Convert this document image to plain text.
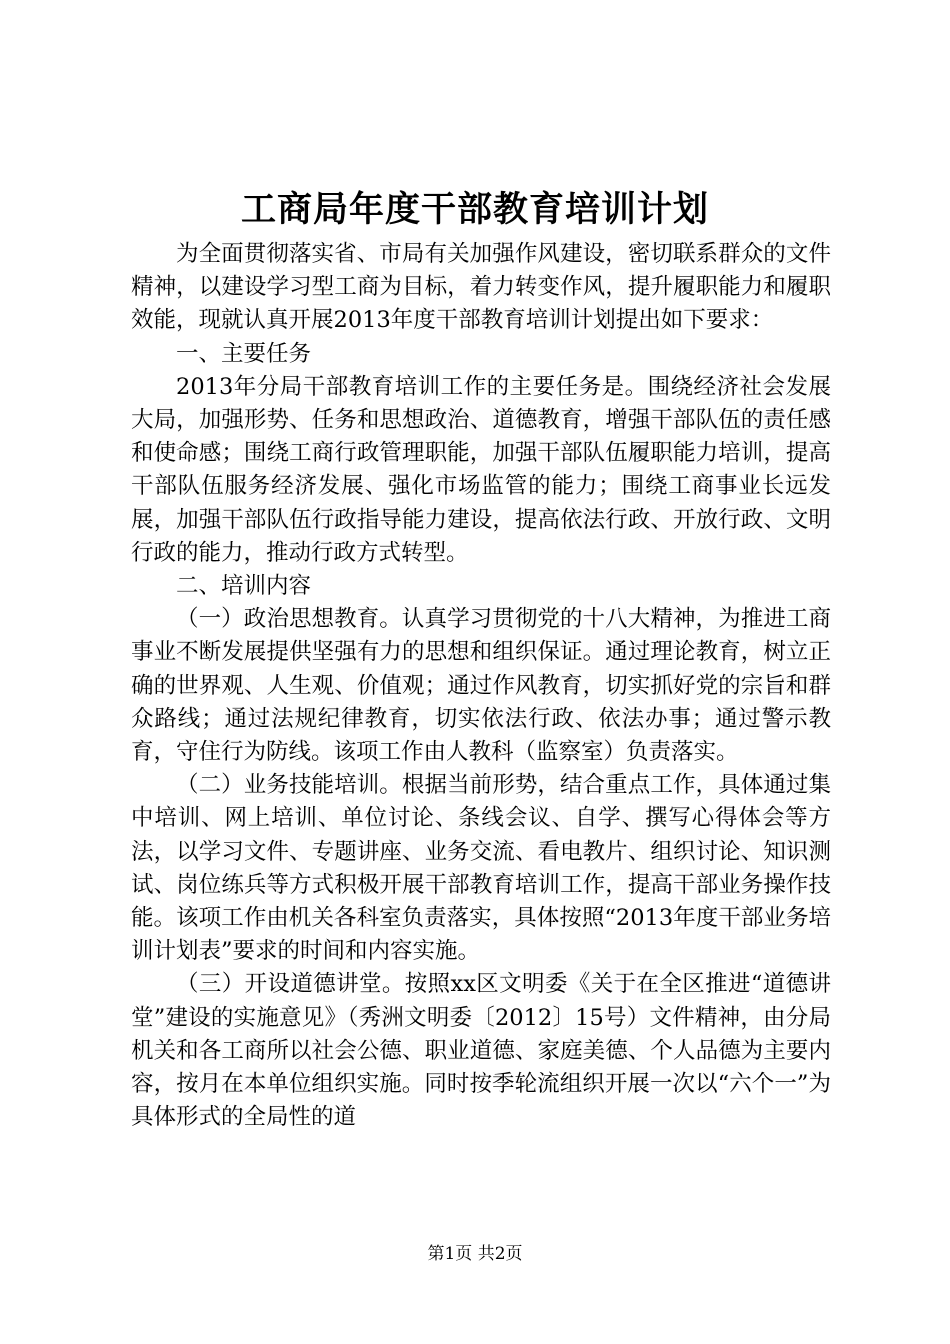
工商局年度干部教育培训计划

为全面贯彻落实省、市局有关加强作风建设，密切联系群众的文件精神，以建设学习型工商为目标，着力转变作风，提升履职能力和履职效能，现就认真开展2013年度干部教育培训计划提出如下要求：

一、主要任务

2013年分局干部教育培训工作的主要任务是。围绕经济社会发展大局，加强形势、任务和思想政治、道德教育，增强干部队伍的责任感和使命感；围绕工商行政管理职能，加强干部队伍履职能力培训，提高干部队伍服务经济发展、强化市场监管的能力；围绕工商事业长远发展，加强干部队伍行政指导能力建设，提高依法行政、开放行政、文明行政的能力，推动行政方式转型。

二、培训内容

（一）政治思想教育。认真学习贯彻党的十八大精神，为推进工商事业不断发展提供坚强有力的思想和组织保证。通过理论教育，树立正确的世界观、人生观、价值观；通过作风教育，切实抓好党的宗旨和群众路线；通过法规纪律教育，切实依法行政、依法办事；通过警示教育，守住行为防线。该项工作由人教科（监察室）负责落实。

（二）业务技能培训。根据当前形势，结合重点工作，具体通过集中培训、网上培训、单位讨论、条线会议、自学、撰写心得体会等方法，以学习文件、专题讲座、业务交流、看电教片、组织讨论、知识测试、岗位练兵等方式积极开展干部教育培训工作，提高干部业务操作技能。该项工作由机关各科室负责落实，具体按照“2013年度干部业务培训计划表”要求的时间和内容实施。

（三）开设道德讲堂。按照xx区文明委《关于在全区推进“道德讲堂”建设的实施意见》（秀洲文明委〔2012〕15号）文件精神，由分局机关和各工商所以社会公德、职业道德、家庭美德、个人品德为主要内容，按月在本单位组织实施。同时按季轮流组织开展一次以“六个一”为具体形式的全局性的道

第1页 共2页
